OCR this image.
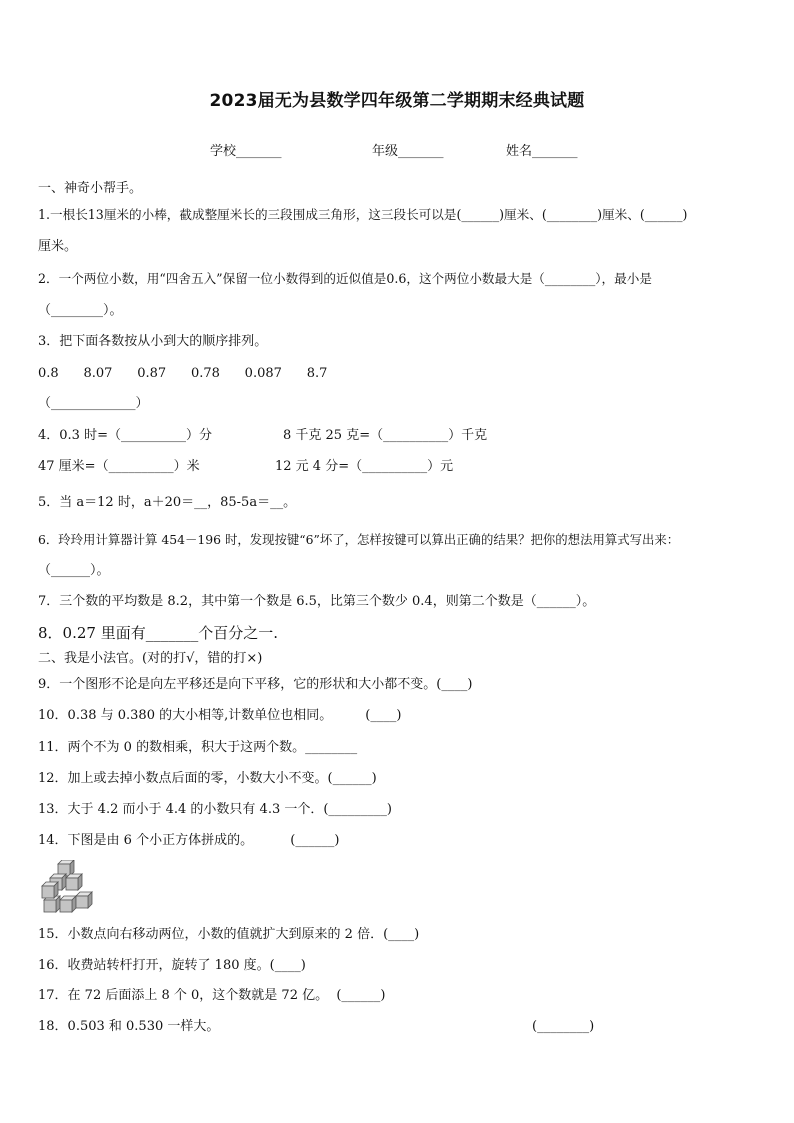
2023届无为县数学四年级第二学期期末经典试题
学校_______	年级_______	姓名_______
一、神奇小帮手。
1.一根长13厘米的小棒，截成整厘米长的三段围成三角形，这三段长可以是(______)厘米、(________)厘米、(______)
厘米。
2．一个两位小数，用“四舍五入”保留一位小数得到的近似值是0.6，这个两位小数最大是（________），最小是
（________）。
3．把下面各数按从小到大的顺序排列。
0.8      8.07      0.87      0.78      0.087      8.7
（_____________）
4．0.3 时=（__________）分	8 千克 25 克=（__________）千克
47 厘米=（__________）米	12 元 4 分=（__________）元
5．当 a＝12 时，a＋20＝__，85-5a＝__。
6．玲玲用计算器计算 454－196 时，发现按键“6”坏了，怎样按键可以算出正确的结果？把你的想法用算式写出来：
（______）。
7．三个数的平均数是 8.2，其中第一个数是 6.5，比第三个数少 0.4，则第二个数是（______）。
8．0.27 里面有_______个百分之一.
二、我是小法官。(对的打√，错的打×)
9．一个图形不论是向左平移还是向下平移，它的形状和大小都不变。(____)
10．0.38 与 0.380 的大小相等,计数单位也相同。        (____)
11．两个不为 0 的数相乘，积大于这两个数。________
12．加上或去掉小数点后面的零，小数大小不变。(______)
13．大于 4.2 而小于 4.4 的小数只有 4.3 一个．(_________)
14．下图是由 6 个小正方体拼成的。         (______)
15．小数点向右移动两位，小数的值就扩大到原来的 2 倍．(____)
16．收费站转杆打开，旋转了 180 度。(____)
17．在 72 后面添上 8 个 0，这个数就是 72 亿。  (______)
18．0.503 和 0.530 一样大。	(________)
